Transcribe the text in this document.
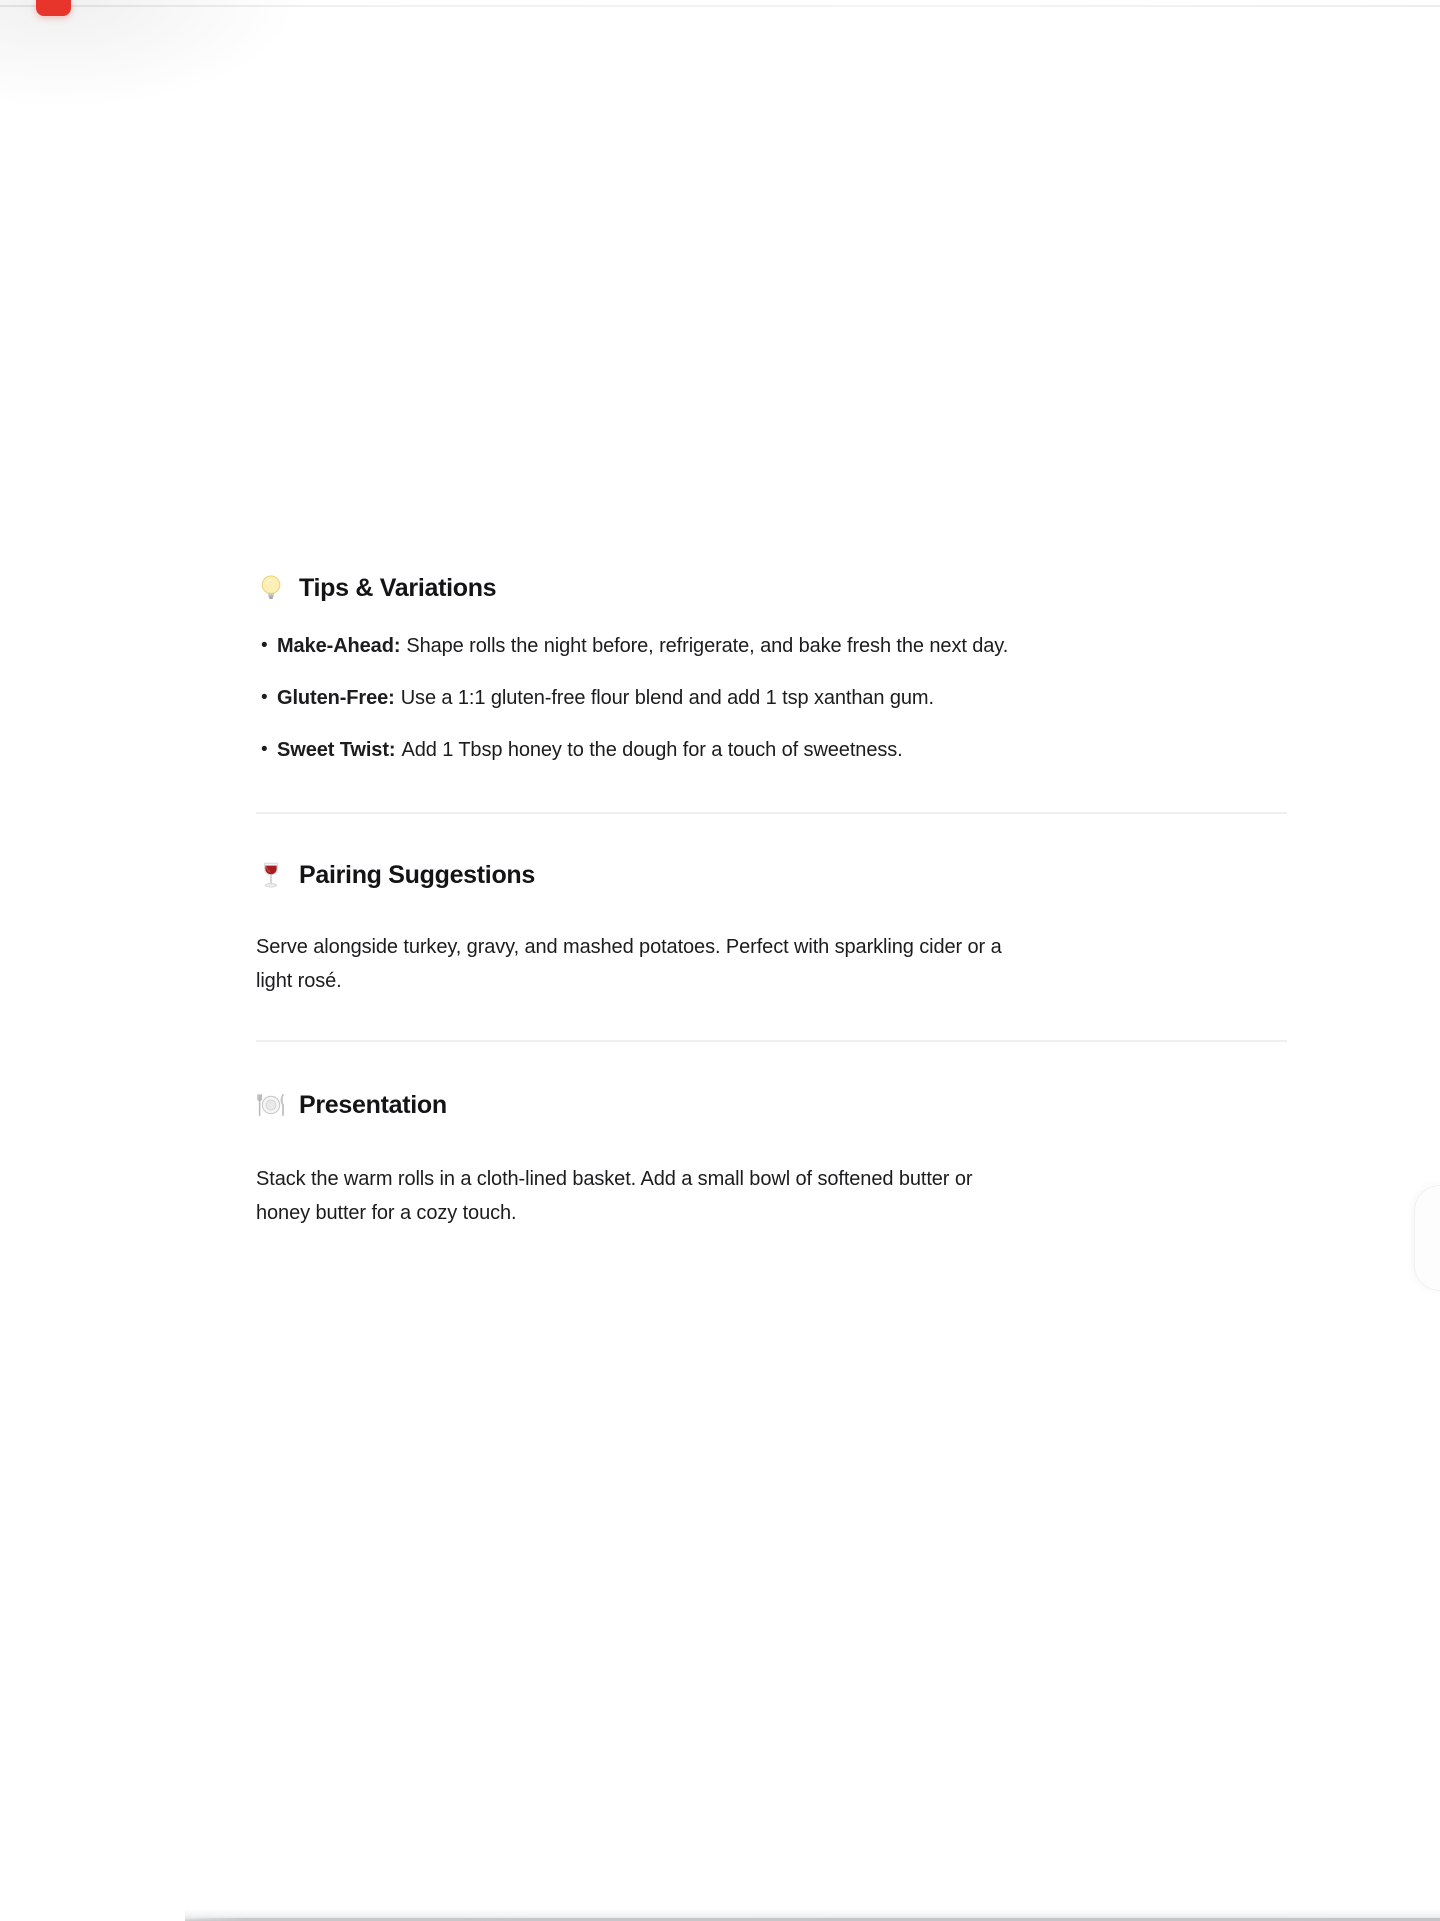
Tips & Variations
• Make-Ahead: Shape rolls the night before, refrigerate, and bake fresh the next day.
• Gluten-Free: Use a 1:1 gluten-free flour blend and add 1 tsp xanthan gum.
• Sweet Twist: Add 1 Tbsp honey to the dough for a touch of sweetness.
Pairing Suggestions
Serve alongside turkey, gravy, and mashed potatoes. Perfect with sparkling cider or a
light rosé.
Presentation
Stack the warm rolls in a cloth-lined basket. Add a small bowl of softened butter or
honey butter for a cozy touch.
